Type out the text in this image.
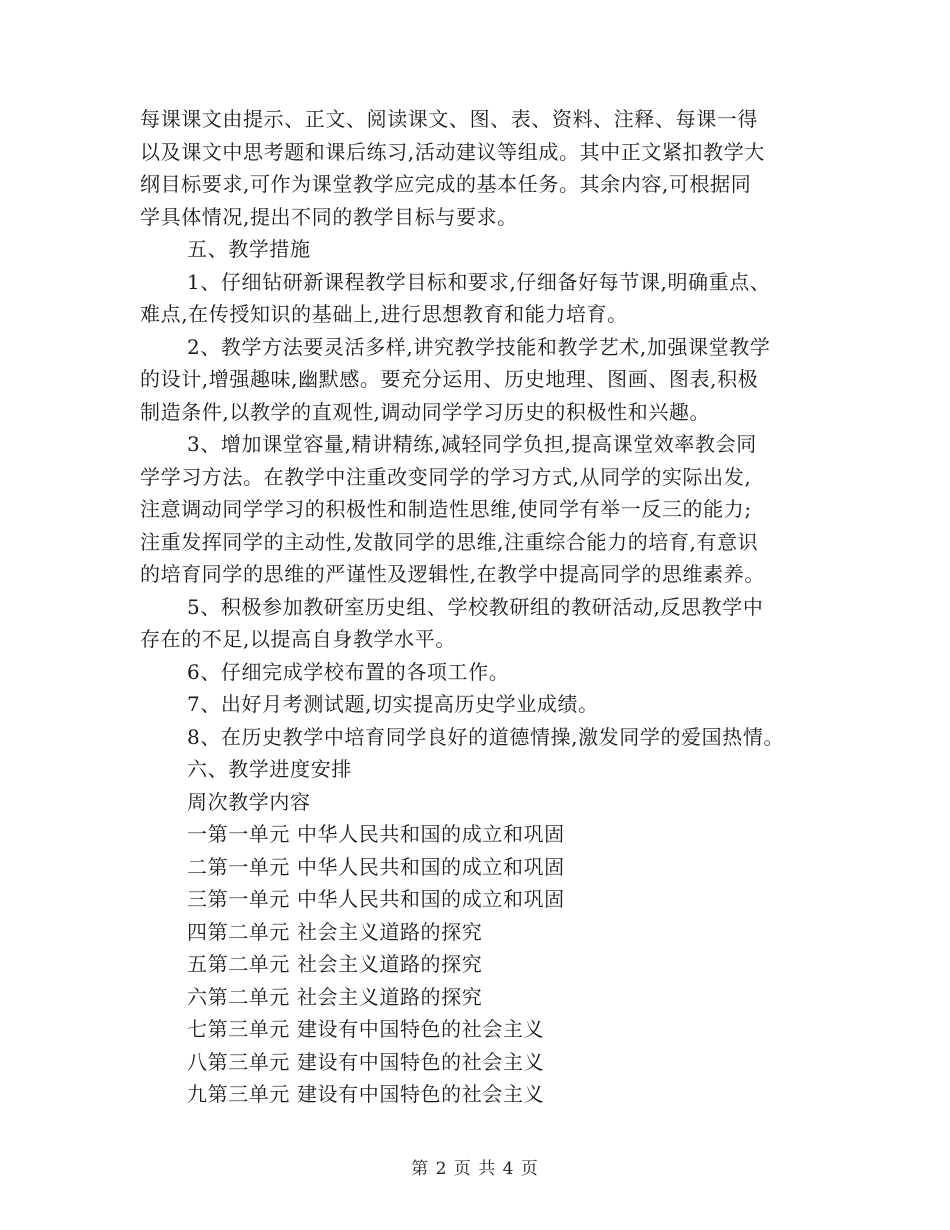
每课课文由提示、正文、阅读课文、图、表、资料、注释、每课一得
以及课文中思考题和课后练习,活动建议等组成。其中正文紧扣教学大
纲目标要求,可作为课堂教学应完成的基本任务。其余内容,可根据同
学具体情况,提出不同的教学目标与要求。
五、教学措施
1、仔细钻研新课程教学目标和要求,仔细备好每节课,明确重点、
难点,在传授知识的基础上,进行思想教育和能力培育。
2、教学方法要灵活多样,讲究教学技能和教学艺术,加强课堂教学
的设计,增强趣味,幽默感。要充分运用、历史地理、图画、图表,积极
制造条件,以教学的直观性,调动同学学习历史的积极性和兴趣。
3、增加课堂容量,精讲精练,减轻同学负担,提高课堂效率教会同
学学习方法。在教学中注重改变同学的学习方式,从同学的实际出发,
注意调动同学学习的积极性和制造性思维,使同学有举一反三的能力;
注重发挥同学的主动性,发散同学的思维,注重综合能力的培育,有意识
的培育同学的思维的严谨性及逻辑性,在教学中提高同学的思维素养。
5、积极参加教研室历史组、学校教研组的教研活动,反思教学中
存在的不足,以提高自身教学水平。
6、仔细完成学校布置的各项工作。
7、出好月考测试题,切实提高历史学业成绩。
8、在历史教学中培育同学良好的道德情操,激发同学的爱国热情。
六、教学进度安排
周次教学内容
一第一单元 中华人民共和国的成立和巩固
二第一单元 中华人民共和国的成立和巩固
三第一单元 中华人民共和国的成立和巩固
四第二单元 社会主义道路的探究
五第二单元 社会主义道路的探究
六第二单元 社会主义道路的探究
七第三单元 建设有中国特色的社会主义
八第三单元 建设有中国特色的社会主义
九第三单元 建设有中国特色的社会主义
第 2 页 共 4 页
